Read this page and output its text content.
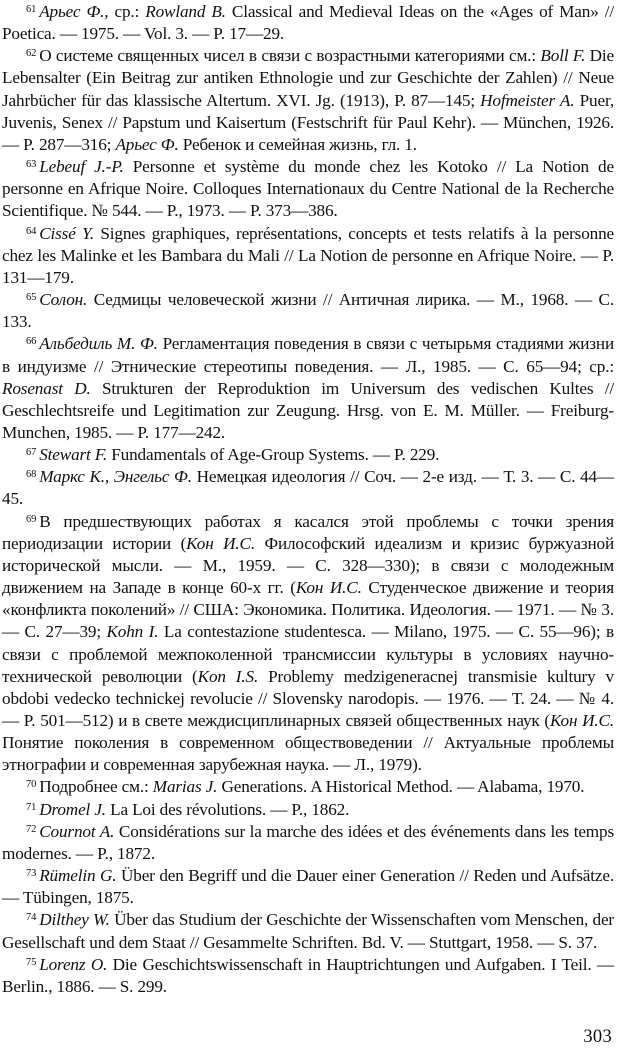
$^{61}$ Арьес Ф., ср.: Rowland B. Classical and Medieval Ideas on the «Ages of Man» // Poetica. — 1975. — Vol. 3. — P. 17—29.

$^{62}$ О системе священных чисел в связи с возрастными категориями см.: Boll F. Die Lebensalter (Ein Beitrag zur antiken Ethnologie und zur Geschichte der Zahlen) // Neue Jahrbücher für das klassische Altertum. XVI. Jg. (1913), P. 87—145; Hofmeister A. Puer, Juvenis, Senex // Papstum und Kaisertum (Festschrift für Paul Kehr). — München, 1926. — P. 287—316; Арьес Ф. Ребенок и семейная жизнь, гл. 1.

$^{63}$ Lebeuf J.-P. Personne et système du monde chez les Kotoko // La Notion de personne en Afrique Noire. Colloques Internationaux du Centre National de la Recherche Scientifique. № 544. — P., 1973. — P. 373—386.

$^{64}$ Cissé Y. Signes graphiques, représentations, concepts et tests relatifs à la personne chez les Malinke et les Bambara du Mali // La Notion de personne en Afrique Noire. — P. 131—179.

$^{65}$ Солон. Седмицы человеческой жизни // Античная лирика. — М., 1968. — С. 133.

$^{66}$ Альбедиль М. Ф. Регламентация поведения в связи с четырьмя стадиями жизни в индуизме // Этнические стереотипы поведения. — Л., 1985. — С. 65—94; ср.: Rosenast D. Strukturen der Reproduktion im Universum des vedischen Kultes // Geschlechtsreife und Legitimation zur Zeugung. Hrsg. von E. M. Müller. — Freiburg-Munchen, 1985. — P. 177—242.

$^{67}$ Stewart F. Fundamentals of Age-Group Systems. — P. 229.

$^{68}$ Маркс К., Энгельс Ф. Немецкая идеология // Соч. — 2-е изд. — Т. 3. — С. 44—45.

$^{69}$ В предшествующих работах я касался этой проблемы с точки зрения периодизации истории (Кон И.С. Философский идеализм и кризис буржуазной исторической мысли. — М., 1959. — С. 328—330); в связи с молодежным движением на Западе в конце 60-х гг. (Кон И.С. Студенческое движение и теория «конфликта поколений» // США: Экономика. Политика. Идеология. — 1971. — № 3. — С. 27—39; Kohn I. La contestazione studentesca. — Milano, 1975. — С. 55—96); в связи с проблемой межпоколенной трансмиссии культуры в условиях научно-технической революции (Kon I.S. Problemy medzigeneracnej transmisie kultury v obdobi vedecko technickej revolucie // Slovensky narodopis. — 1976. — Т. 24. — № 4. — P. 501—512) и в свете междисциплинарных связей общественных наук (Кон И.С. Понятие поколения в современном обществоведении // Актуальные проблемы этнографии и современная зарубежная наука. — Л., 1979).

$^{70}$ Подробнее см.: Marias J. Generations. A Historical Method. — Alabama, 1970.

$^{71}$ Dromel J. La Loi des révolutions. — P., 1862.

$^{72}$ Cournot A. Considérations sur la marche des idées et des événements dans les temps modernes. — P., 1872.

$^{73}$ Rümelin G. Über den Begriff und die Dauer einer Generation // Reden und Aufsätze. — Tübingen, 1875.

$^{74}$ Dilthey W. Über das Studium der Geschichte der Wissenschaften vom Menschen, der Gesellschaft und dem Staat // Gesammelte Schriften. Bd. V. — Stuttgart, 1958. — S. 37.

$^{75}$ Lorenz O. Die Geschichtswissenschaft in Hauptrichtungen und Aufgaben. I Teil. — Berlin., 1886. — S. 299.

303
